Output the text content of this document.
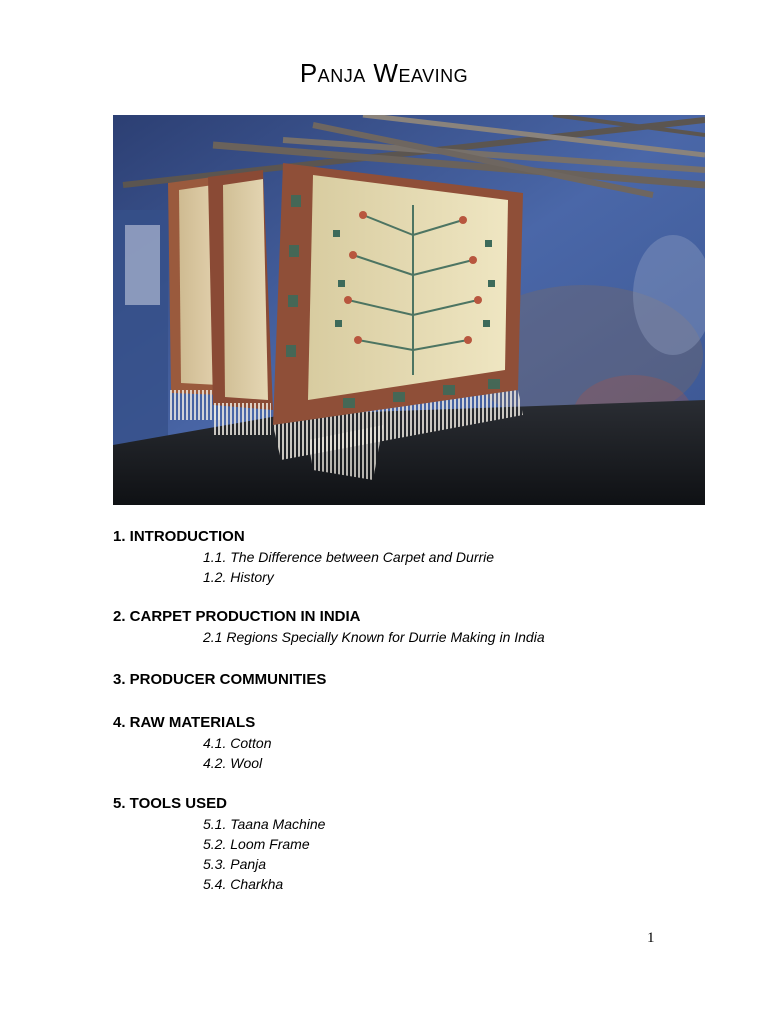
Panja Weaving

1. INTRODUCTION

1.1. The Difference between Carpet and Durrie

1.2. History

2. CARPET PRODUCTION IN INDIA

2.1 Regions Specially Known for Durrie Making in India

3. PRODUCER COMMUNITIES

4. RAW MATERIALS

4.1. Cotton

4.2. Wool

5. TOOLS USED

5.1. Taana Machine

5.2. Loom Frame

5.3. Panja

5.4. Charkha

1
